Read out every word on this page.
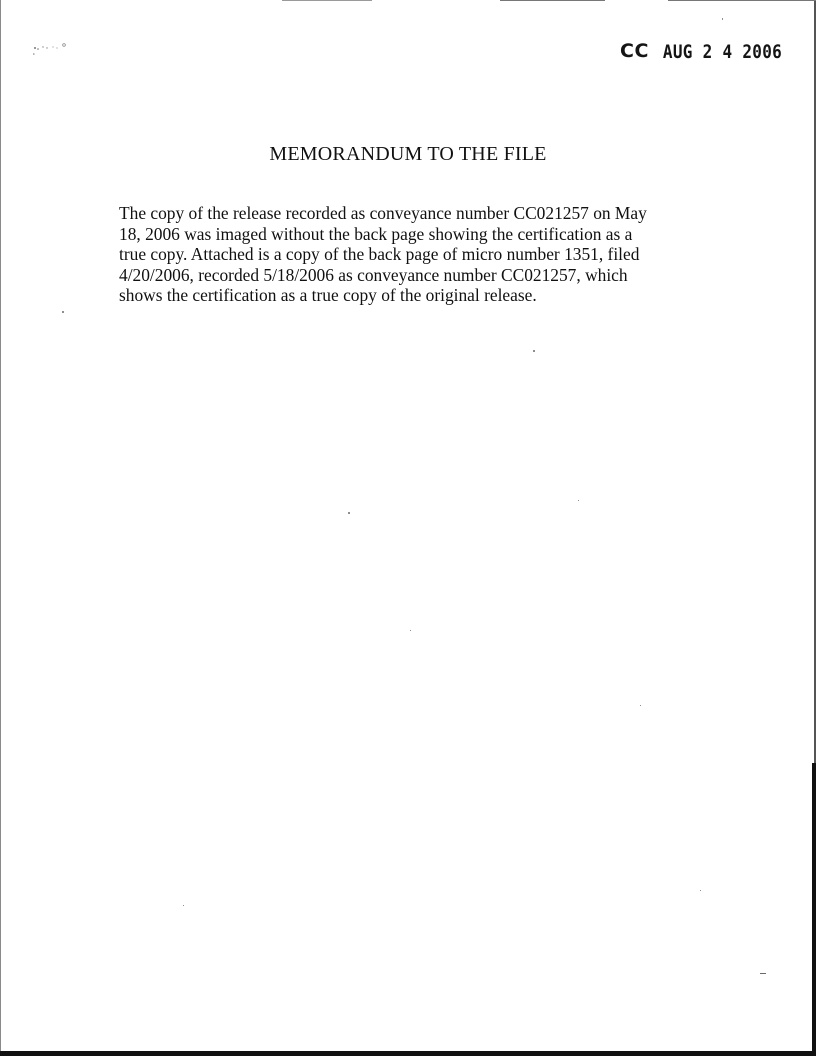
CC AUG 2 4 2006
MEMORANDUM TO THE FILE
The copy of the release recorded as conveyance number CC021257 on May
18, 2006 was imaged without the back page showing the certification as a
true copy. Attached is a copy of the back page of micro number 1351, filed
4/20/2006, recorded 5/18/2006 as conveyance number CC021257, which
shows the certification as a true copy of the original release.
